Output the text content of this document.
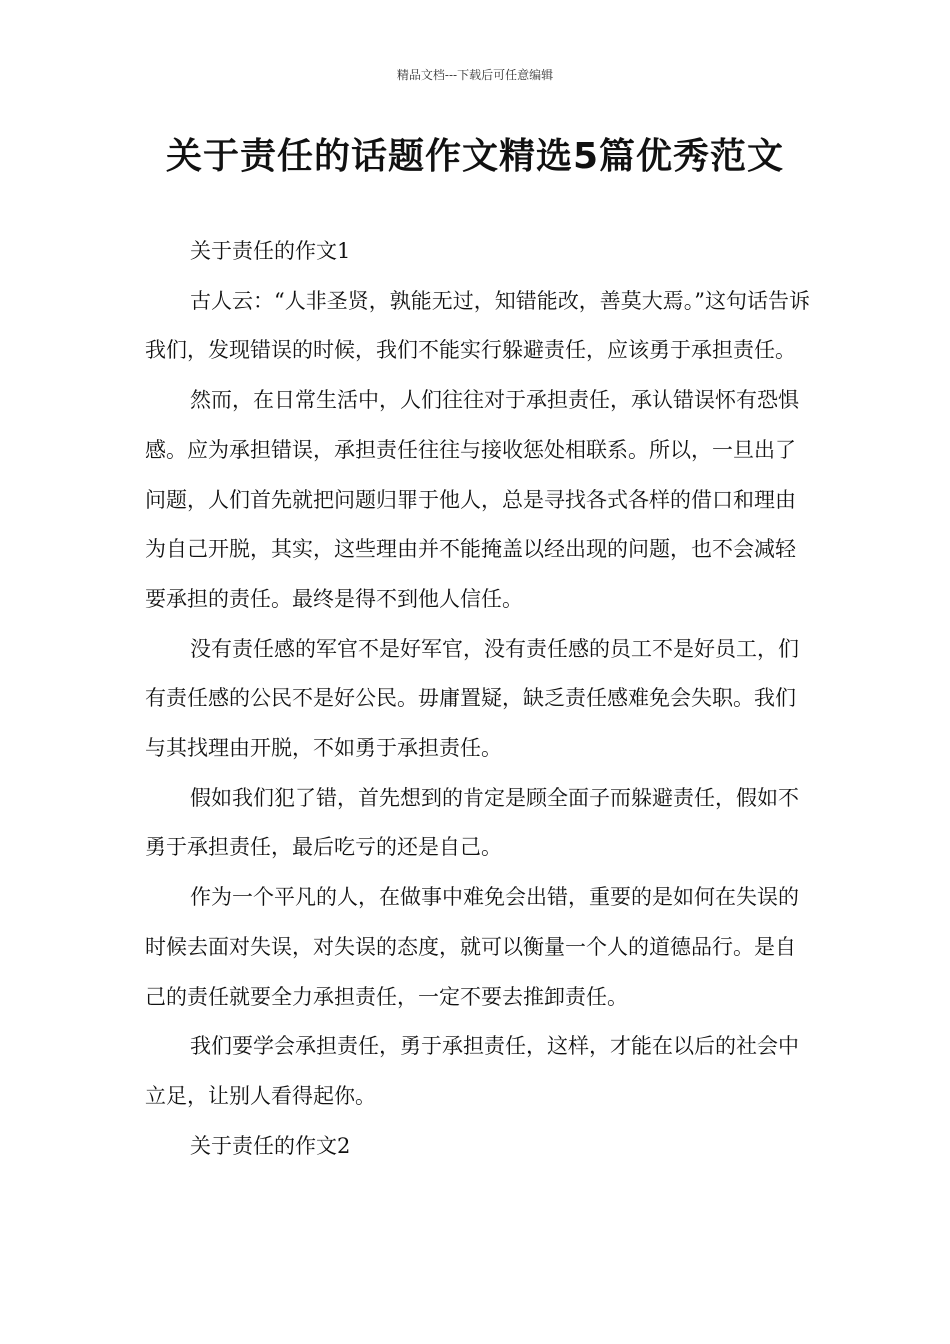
精品文档---下载后可任意编辑
关于责任的话题作文精选5篇优秀范文

关于责任的作文1

古人云：“人非圣贤，孰能无过，知错能改，善莫大焉。”这句话告诉我们，发现错误的时候，我们不能实行躲避责任，应该勇于承担责任。

然而，在日常生活中，人们往往对于承担责任，承认错误怀有恐惧感。应为承担错误，承担责任往往与接收惩处相联系。所以，一旦出了问题，人们首先就把问题归罪于他人，总是寻找各式各样的借口和理由为自己开脱，其实，这些理由并不能掩盖以经出现的问题，也不会减轻要承担的责任。最终是得不到他人信任。

没有责任感的军官不是好军官，没有责任感的员工不是好员工，们有责任感的公民不是好公民。毋庸置疑，缺乏责任感难免会失职。我们与其找理由开脱，不如勇于承担责任。

假如我们犯了错，首先想到的肯定是顾全面子而躲避责任，假如不勇于承担责任，最后吃亏的还是自己。

作为一个平凡的人，在做事中难免会出错，重要的是如何在失误的时候去面对失误，对失误的态度，就可以衡量一个人的道德品行。是自己的责任就要全力承担责任，一定不要去推卸责任。

我们要学会承担责任，勇于承担责任，这样，才能在以后的社会中立足，让别人看得起你。

关于责任的作文2
